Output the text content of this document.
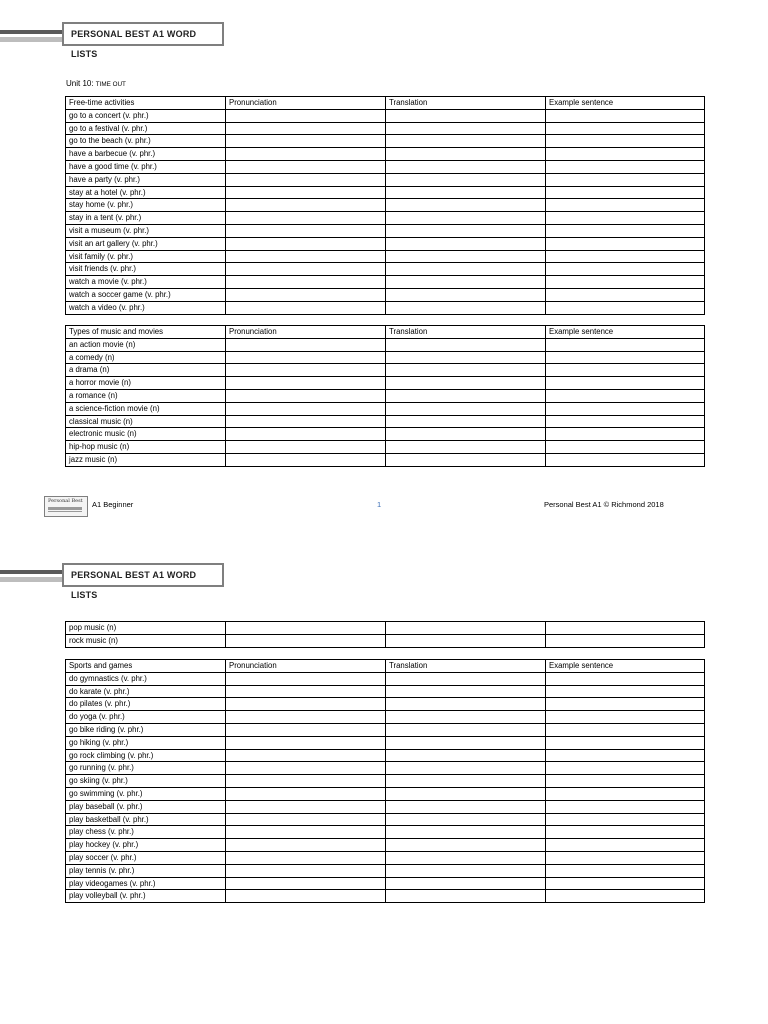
PERSONAL BEST A1 WORD LISTS
Unit 10: TIME OUT
Free-time activities	Pronunciation	Translation	Example sentence
go to a concert (v. phr.)			
go to a festival (v. phr.)			
go to the beach (v. phr.)			
have a barbecue (v. phr.)			
have a good time (v. phr.)			
have a party (v. phr.)			
stay at a hotel (v. phr.)			
stay home (v. phr.)			
stay in a tent (v. phr.)			
visit a museum (v. phr.)			
visit an art gallery (v. phr.)			
visit family (v. phr.)			
visit friends (v. phr.)			
watch a movie (v. phr.)			
watch a soccer game (v. phr.)			
watch a video (v. phr.)			
Types of music and movies	Pronunciation	Translation	Example sentence
an action movie (n)			
a comedy (n)			
a drama (n)			
a horror movie (n)			
a romance (n)			
a science-fiction movie (n)			
classical music (n)			
electronic music (n)			
hip-hop music (n)			
jazz music (n)			
Personal Best A1 Beginner	1	Personal Best A1 © Richmond 2018
PERSONAL BEST A1 WORD LISTS
pop music (n)			
rock music (n)			
Sports and games	Pronunciation	Translation	Example sentence
do gymnastics (v. phr.)			
do karate (v. phr.)			
do pilates (v. phr.)			
do yoga (v. phr.)			
go bike riding (v. phr.)			
go hiking (v. phr.)			
go rock climbing (v. phr.)			
go running (v. phr.)			
go skiing (v. phr.)			
go swimming (v. phr.)			
play baseball (v. phr.)			
play basketball (v. phr.)			
play chess (v. phr.)			
play hockey (v. phr.)			
play soccer (v. phr.)			
play tennis (v. phr.)			
play videogames (v. phr.)			
play volleyball (v. phr.)			
